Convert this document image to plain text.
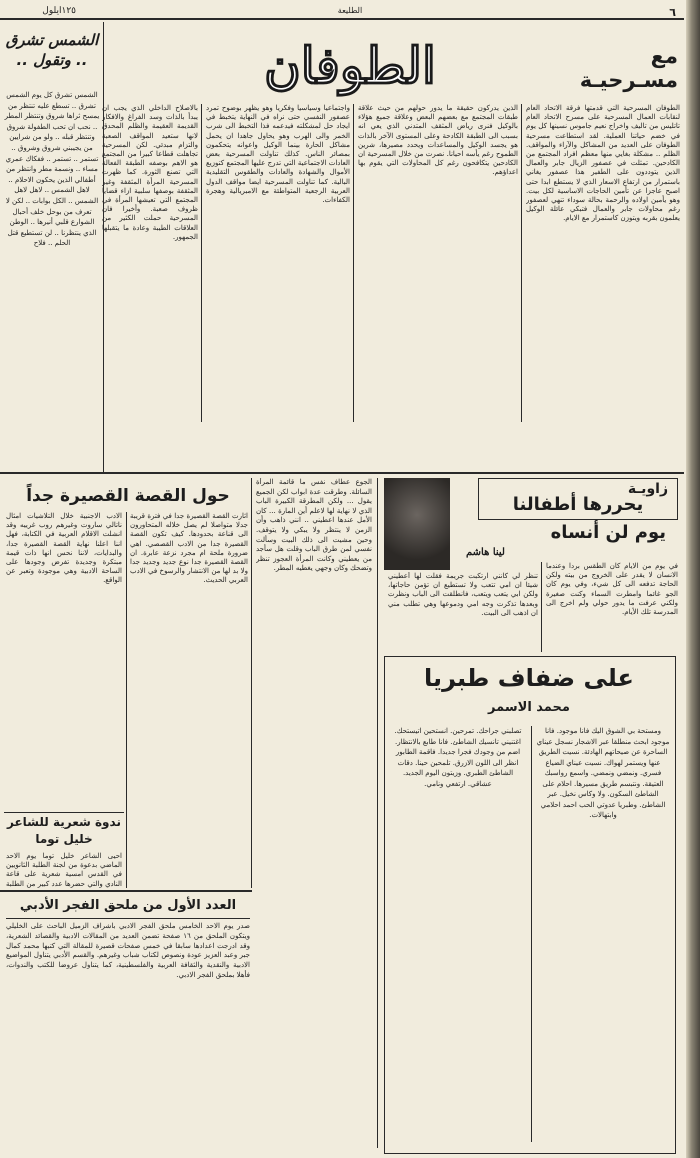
٦
الطليعة
١٢٥ايلول
مع مسـرحيـة
الطوفان
الطوفان المسرحية التي قدمتها فرقة الاتحاد العام لنقابات العمال المسرحية على مسرح الاتحاد العام تاتليس من تاليف واخراج نعيم جاموس نسينها كل يوم في خضم حياتنا العملية. لقد استطاعت مسرحية الطوفان على العديد من المشاكل والآراء والمواقف. الظلم .. مشكلة بغايي منها معظم افراد المجتمع من الكادحين. تمثلت في عصفور الزيال جابر والعمال الذين يتوددون على الطفير هذا عصفور يغاني باستمرار من ارتفاع الاسعار الذي لا يستطع ابدا حتى اصبح عاجزا عن تأمين الحاجات الاساسية لكل بيت. وهو يأمين اولاده والرحمة بحالة سوداء تنهي لعصفور رغم محاولات جابر والعمال فتبكي عائلة الوكيل يعلمون بقربه ويتوزن كاستمرار مع الايام.
الذين يدركون حقيقة ما يدور حولهم من حيث علاقة طبقات المجتمع مع بعضهم البعض وعلاقة جميع هؤلاء بالوكيل فنرى رياض المثقف المتدني الذي يعي انه بسبب الى الطبقة الكادحة وعلى المستوى الآخر بالذات هو يجسد الوكيل والمساعدات ويحدد مصيرها، شرين الطموح رغم يأسه احيانا. نصرت من خلال المسرحية ان الكادحين يتكافحون رغم كل المحاولات التي يقوم بها اعداؤهم.
واجتماعيا وسياسيا وفكريا وهو يظهر بوضوح تمرد عصفور النفسي حتى نراه في النهاية يتخبط في ايجاد حل لمشكلته فيدعمه فذا التخبط الى شرب الخمر والى الهرب وهو يحاول جاهدا ان يحمل مشاكل الحارة بينما الوكيل واعوانه يتحكمون بمصائر الناس. كذلك تناولت المسرحية بعض العادات الاجتماعية التي تدرج عليها المجتمع كتوزيع الأموال والشهادة والعادات والطقوس التقليدية البالية. كما تناولت المسرحية ايضا مواقف الدول العربية الرجعية المتواطئة مع الامبريالية وهجرة الكفاءات.
بالاصلاح الداخلي الذي يجب ان يبدأ بالذات وسد الفراغ والافكار القديمة العقيمة والظلم المحدق لانها ستعيد المواقف الصعبة والتزام مبدئي. لكن المسرحية تجاهلت قطاعا كبيرا من المجتمع هو الاهم بوصفه الطبقة الفعالة التي تصنع الثورة. كما ظهرت المسرحية المرأة المثقفة وغير المثقفة بوصفها سلبية ازاء قضايا المجتمع التي تعيشها المرأة في ظروف صعبة. وأخيرا فان المسرحية حملت الكثير من العلاقات الطيبة وعادة ما يتقبلها الجمهور.
الشمس تشرق .. وتقول ..
الشمس تشرق كل يوم الشمس تشرق .. تسطع عليه تنتظر من يمسح ثراها شروق وتنتظر المطر .. نحب ان تحب الطفولة شروق وتنتظر قبله .. ولو من شرايين من يجيبني شروق وشروق .. تستمر .. تستمر .. ففكاك عمري مساء .. ونسمة مطر وانتظر من أطفالي الذين يحكون الاحلام .. لاهل الشمس .. لاهل لاهل الشمس .. الكل بوابات .. لكن لا تعرف من بوحل خلف أحبال الشوارع قلبي أنيرها .. الوطن الذي ينتظرنا .. لن تستطيع قتل الحلم .. فلاح
زاويـة
يحررها أطفالنا
يوم لن أنساه
لينا هاشم
في يوم من الايام كان الطقس بردا وعندما الانسان لا يقدر على الخروج من بيته ولكن الحاجة تدفعه الى كل شيء، وفي يوم كان الجو غائما وامطرت السماء وكنت صغيرة ولكني عرفت ما يدور حولي ولم اخرج الى المدرسة تلك الأيام.
تنظر لي كانني ارتكبت جريمة فقلت لها أعطيني شيئا ان امي تتعب ولا تستطيع ان تؤمن حاجاتها، ولكن ابي يتعب ويتعب، فانطلقت الى الباب ونظرت وبعدها تذكرت وجه امي ودموعها وهي تطلب مني ان اذهب الى البيت.
الجوع عطاف نفس ما قائمة المرأة السائلة. وطرقت عدة ابواب لكن الجميع يقول ... ولكن المطرقة الكبيرة الباب الذي لا نهاية لها لاعلم أين المارة ... كان الأمل عندها اعطيني .. انني ذاهب وأن الزمن لا ينتظر ولا يبكي ولا يتوقف. وحين مشيت الى ذلك البيت وسألت نفسي لمن طرق الباب وقلت هل سأجد من يعطيني وكانت المرأة العجوز تنظر وتضحك وكان وجهي يغطيه المطر.
على ضفاف طبريا
محمد الاسمر
ومستحة بي الشوق اليك فانا موجود. فانا موجود ابحث منطلقا عبر الاشجار نسجل عيناي الساحرة عن صيحاتهم الهادئة. نسيت الطريق عنها ويستمر لهواك. نسيت عيناي الضياع فسري. ونمضي ونمضي. واسمع رواسبك العتيقة. ونتبسم طريق مسيرها. احلام على الشاطئ السكون. ولا وكاس نخيل. عبر الشاطئ. وطبريا عدوتي الحب احمد احلامي وابتهالات.
تصلبني جراحك. تمرحين. انستحين اتيستحك. اغتنيني تانسيك الشاطئ. فانا طابع بالانتظار. اضم من وجودك فجرا جديدا. فاقمة الطابور انظر الى اللون الازرق. تلمحين حينا. دقات الشاطئ الطبري. وزيتون اليوم الجديد. عشاقي. ارتفعي ونامي.
حول القصة القصيرة جداً
اثارت القصة القصيرة جدا في فترة قريبة جدلا متواصلا لم يصل خلاله المتحاورون الى قناعة بحدودها. كيف تكون القصة القصيرة جدا من الادب القصصي. اهي ضرورة ملحة ام مجرد نزعة عابرة. ان القصة القصيرة جدا نوع جديد وجديد جدا ولا بد لها من الانتشار والرسوخ في الادب العربي الحديث.
الادب الاجنبية خلال التلاشيات امثال ناتالي ساروت وغيرهم روب غرييه وقد انشلت الاقلام العربية في الكتابة، فهل اننا اعلنا نهاية القصة القصيرة جدا، والبدايات، لاننا نحس انها ذات قيمة مبتكرة وجديدة تفرض وجودها على الساحة الادبية وهي موجودة وتعبر عن الواقع.
ندوة شعرية للشاعر خليل توما
احيى الشاعر خليل توما يوم الاحد الماضي بدعوة من لجنة الطلبة الثانويين في القدس امسية شعرية على قاعة النادي والتي حضرها عدد كبير من الطلبة
العدد الأول من ملحق الفجر الأدبي
صدر يوم الاحد الخامس ملحق الفجر الادبي باشراف الزميل الباحث على الخليلي ويتكون الملحق من ١٦ صفحة تضمن العديد من المقالات الادبية والقصائد الشعرية، وقد ادرجت اعدادها سابقا في خمس صفحات قصيرة للمقالة التي كتبها محمد كمال جبر وعبد العزيز عودة ونصوص لكتاب شباب وغيرهم. والقسم الأدبي يتناول المواضيع الادبية والنقدية والثقافة العربية والفلسطينية، كما يتناول عروضا للكتب والندوات، فأهلا بملحق الفجر الادبي.
